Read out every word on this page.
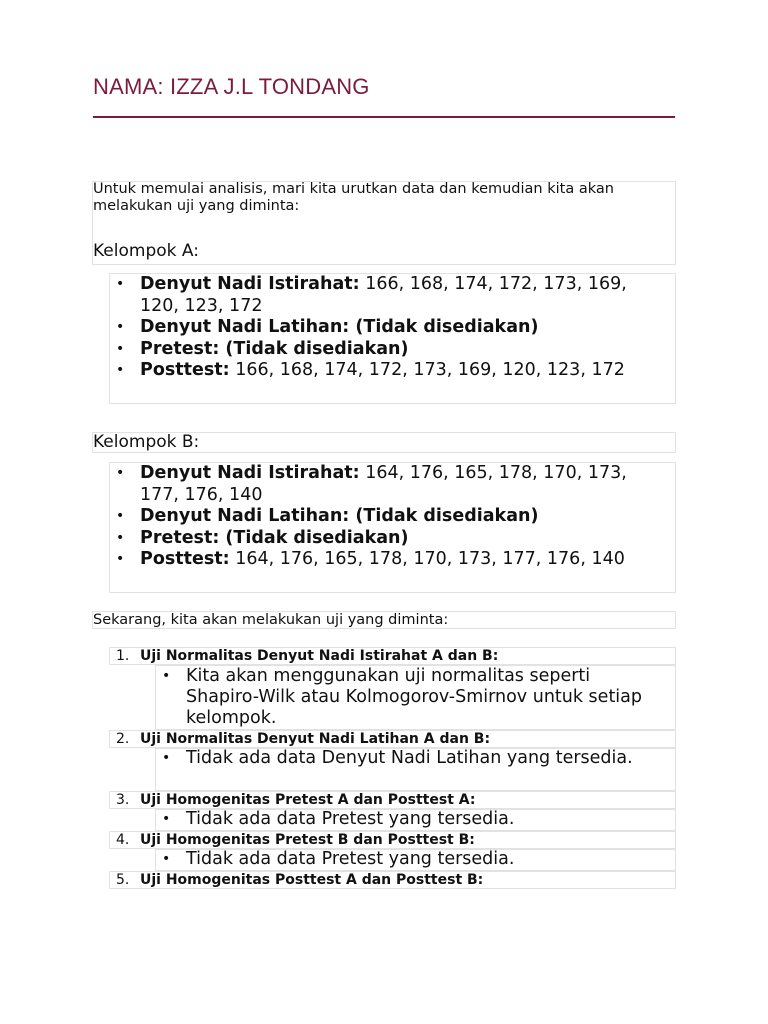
NAMA: IZZA J.L TONDANG
Untuk memulai analisis, mari kita urutkan data dan kemudian kita akan melakukan uji yang diminta:
Kelompok A:
• Denyut Nadi Istirahat: 166, 168, 174, 172, 173, 169, 120, 123, 172
• Denyut Nadi Latihan: (Tidak disediakan)
• Pretest: (Tidak disediakan)
• Posttest: 166, 168, 174, 172, 173, 169, 120, 123, 172
Kelompok B:
• Denyut Nadi Istirahat: 164, 176, 165, 178, 170, 173, 177, 176, 140
• Denyut Nadi Latihan: (Tidak disediakan)
• Pretest: (Tidak disediakan)
• Posttest: 164, 176, 165, 178, 170, 173, 177, 176, 140
Sekarang, kita akan melakukan uji yang diminta:
1. Uji Normalitas Denyut Nadi Istirahat A dan B:
• Kita akan menggunakan uji normalitas seperti Shapiro-Wilk atau Kolmogorov-Smirnov untuk setiap kelompok.
2. Uji Normalitas Denyut Nadi Latihan A dan B:
• Tidak ada data Denyut Nadi Latihan yang tersedia.
3. Uji Homogenitas Pretest A dan Posttest A:
• Tidak ada data Pretest yang tersedia.
4. Uji Homogenitas Pretest B dan Posttest B:
• Tidak ada data Pretest yang tersedia.
5. Uji Homogenitas Posttest A dan Posttest B:
